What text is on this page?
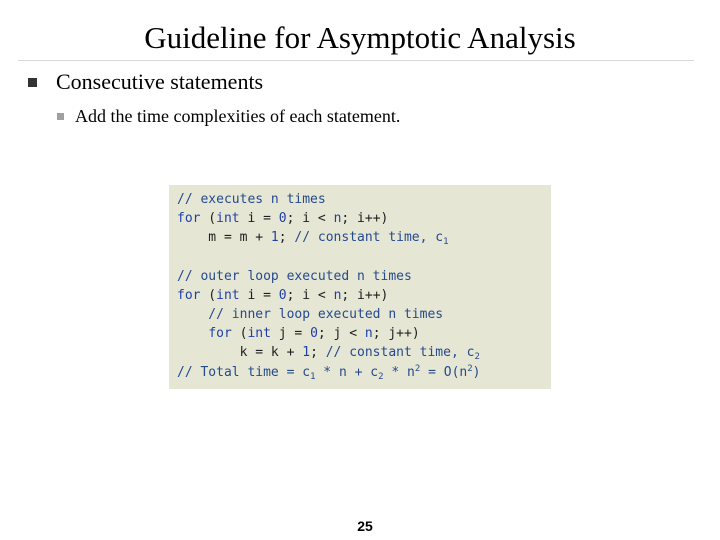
Guideline for Asymptotic Analysis
Consecutive statements
Add the time complexities of each statement.
// executes n times
for (int i = 0; i < n; i++)
m = m + 1; // constant time, $c_1$
// outer loop executed n times
for (int i = 0; i < n; i++)
// inner loop executed n times
for (int j = 0; j < n; j++)
k = k + 1; // constant time, $c_2$
// Total time = $c_1 * n + c_2 * n^2 = O(n^2)$
25
